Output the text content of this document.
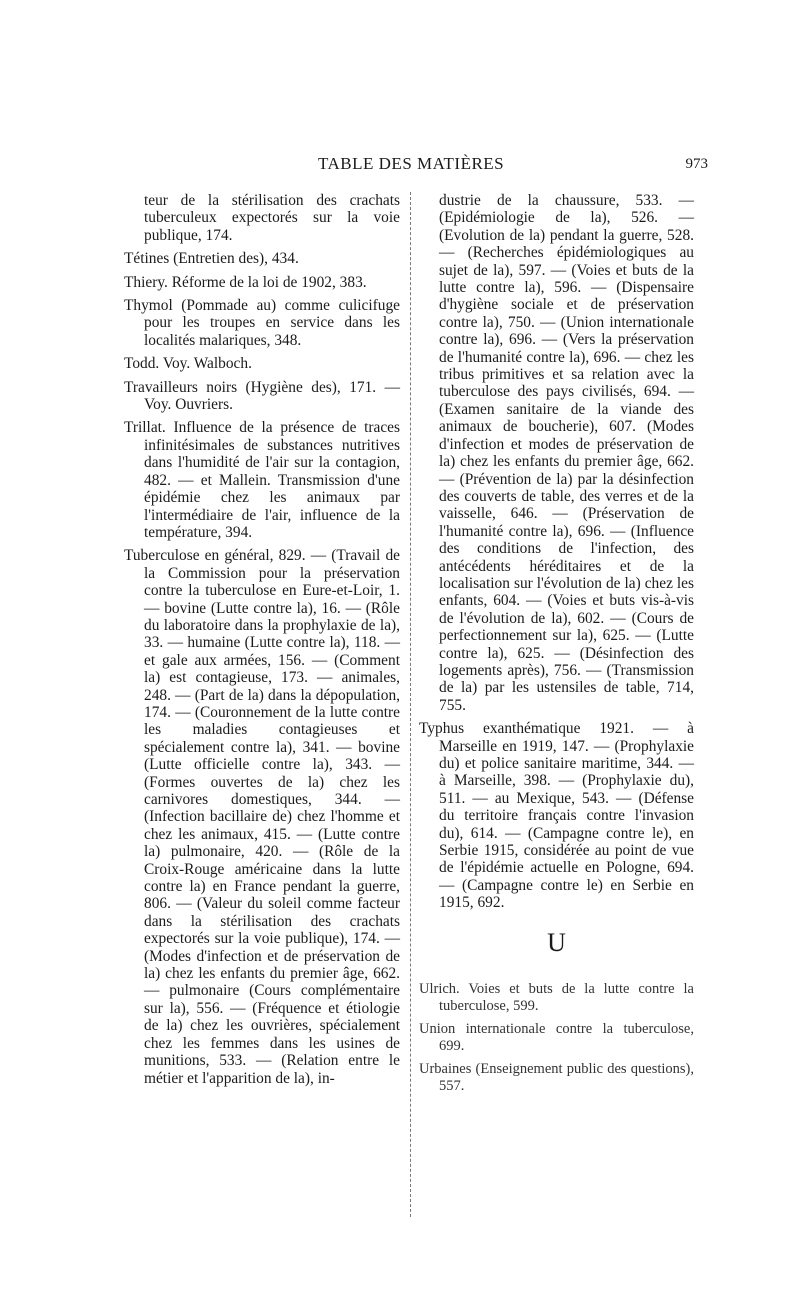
TABLE DES MATIÈRES	973

teur de la stérilisation des crachats tuberculeux expectorés sur la voie publique, 174.

Tétines (Entretien des), 434.

Thiery. Réforme de la loi de 1902, 383.

Thymol (Pommade au) comme culicifuge pour les troupes en service dans les localités malariques, 348.

Todd. Voy. Walboch.

Travailleurs noirs (Hygiène des), 171. — Voy. Ouvriers.

Trillat. Influence de la présence de traces infinitésimales de substances nutritives dans l'humidité de l'air sur la contagion, 482. — et Mallein. Transmission d'une épidémie chez les animaux par l'intermédiaire de l'air, influence de la température, 394.

Tuberculose en général, 829. — (Travail de la Commission pour la préservation contre la tuberculose en Eure-et-Loir, 1. — bovine (Lutte contre la), 16. — (Rôle du laboratoire dans la prophylaxie de la), 33. — humaine (Lutte contre la), 118. — et gale aux armées, 156. — (Comment la) est contagieuse, 173. — animales, 248. — (Part de la) dans la dépopulation, 174. — (Couronnement de la lutte contre les maladies contagieuses et spécialement contre la), 341. — bovine (Lutte officielle contre la), 343. — (Formes ouvertes de la) chez les carnivores domestiques, 344. — (Infection bacillaire de) chez l'homme et chez les animaux, 415. — (Lutte contre la) pulmonaire, 420. — (Rôle de la Croix-Rouge américaine dans la lutte contre la) en France pendant la guerre, 806. — (Valeur du soleil comme facteur dans la stérilisation des crachats expectorés sur la voie publique), 174. — (Modes d'infection et de préservation de la) chez les enfants du premier âge, 662. — pulmonaire (Cours complémentaire sur la), 556. — (Fréquence et étiologie de la) chez les ouvrières, spécialement chez les femmes dans les usines de munitions, 533. — (Relation entre le métier et l'apparition de la), in-

dustrie de la chaussure, 533. — (Epidémiologie de la), 526. — (Evolution de la) pendant la guerre, 528. — (Recherches épidémiologiques au sujet de la), 597. — (Voies et buts de la lutte contre la), 596. — (Dispensaire d'hygiène sociale et de préservation contre la), 750. — (Union internationale contre la), 696. — (Vers la préservation de l'humanité contre la), 696. — chez les tribus primitives et sa relation avec la tuberculose des pays civilisés, 694. — (Examen sanitaire de la viande des animaux de boucherie), 607. (Modes d'infection et modes de préservation de la) chez les enfants du premier âge, 662. — (Prévention de la) par la désinfection des couverts de table, des verres et de la vaisselle, 646. — (Préservation de l'humanité contre la), 696. — (Influence des conditions de l'infection, des antécédents héréditaires et de la localisation sur l'évolution de la) chez les enfants, 604. — (Voies et buts vis-à-vis de l'évolution de la), 602. — (Cours de perfectionnement sur la), 625. — (Lutte contre la), 625. — (Désinfection des logements après), 756. — (Transmission de la) par les ustensiles de table, 714, 755.

Typhus exanthématique 1921. — à Marseille en 1919, 147. — (Prophylaxie du) et police sanitaire maritime, 344. — à Marseille, 398. — (Prophylaxie du), 511. — au Mexique, 543. — (Défense du territoire français contre l'invasion du), 614. — (Campagne contre le), en Serbie 1915, considérée au point de vue de l'épidémie actuelle en Pologne, 694. — (Campagne contre le) en Serbie en 1915, 692.

U

Ulrich. Voies et buts de la lutte contre la tuberculose, 599.

Union internationale contre la tuberculose, 699.

Urbaines (Enseignement public des questions), 557.
